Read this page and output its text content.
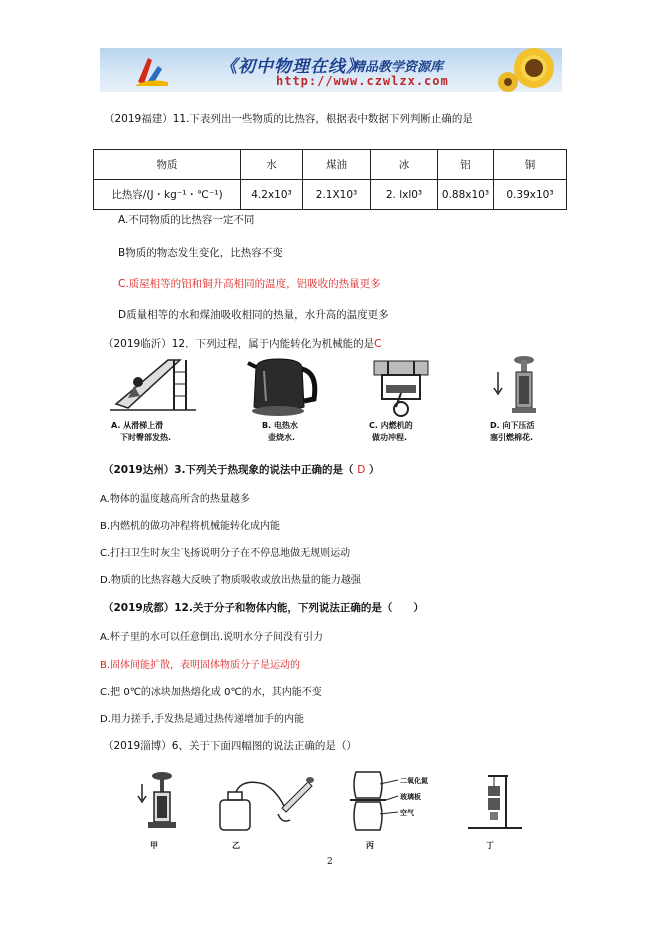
《初中物理在线》
精品教学资源库
http://www.czwlzx.com
（2019福建）11.下表列出一些物质的比热容，根据表中数据下列判断止确的是
物质	水	煤油	冰	铝	铜
比热容/(J・kg⁻¹・℃⁻¹)	4.2x10³	2.1X10³	2. lxl0³	0.88x10³	0.39x10³
A.不同物质的比热容一定不同
B物质的物态发生变化，比热容不变
C.质屋相等的铝和铜升高相同的温度，铝吸收的热量更多
D质量相等的水和煤油吸收相同的热量，水升高的温度更多
（2019临沂）12．下列过程，属于内能转化为机械能的是C
A. 从滑梯上滑
下时臀部发热.
B. 电热水
壶烧水.
C. 内燃机的
做功冲程.
D. 向下压活
塞引燃棉花.
（2019达州）3.下列关于热现象的说法中正确的是（ D ）
A.物体的温度越高所含的热量越多
B.内燃机的做功冲程将机械能转化成内能
C.打扫卫生时灰尘飞扬说明分子在不停息地做无规则运动
D.物质的比热容越大反映了物质吸收或放出热量的能力越强
（2019成都）12.关于分子和物体内能，下列说法正确的是（　　）
A.杯子里的水可以任意倒出.说明水分子间没有引力
B.固体间能扩散，表明固体物质分子是运动的
C.把 0℃的冰块加热熔化成 0℃的水，其内能不变
D.用力搓手,手发热是通过热传递增加手的内能
（2019淄博）6、关于下面四幅图的说法正确的是（）
甲	乙
二氧化氮
玻璃板
空气
丙	丁
2
